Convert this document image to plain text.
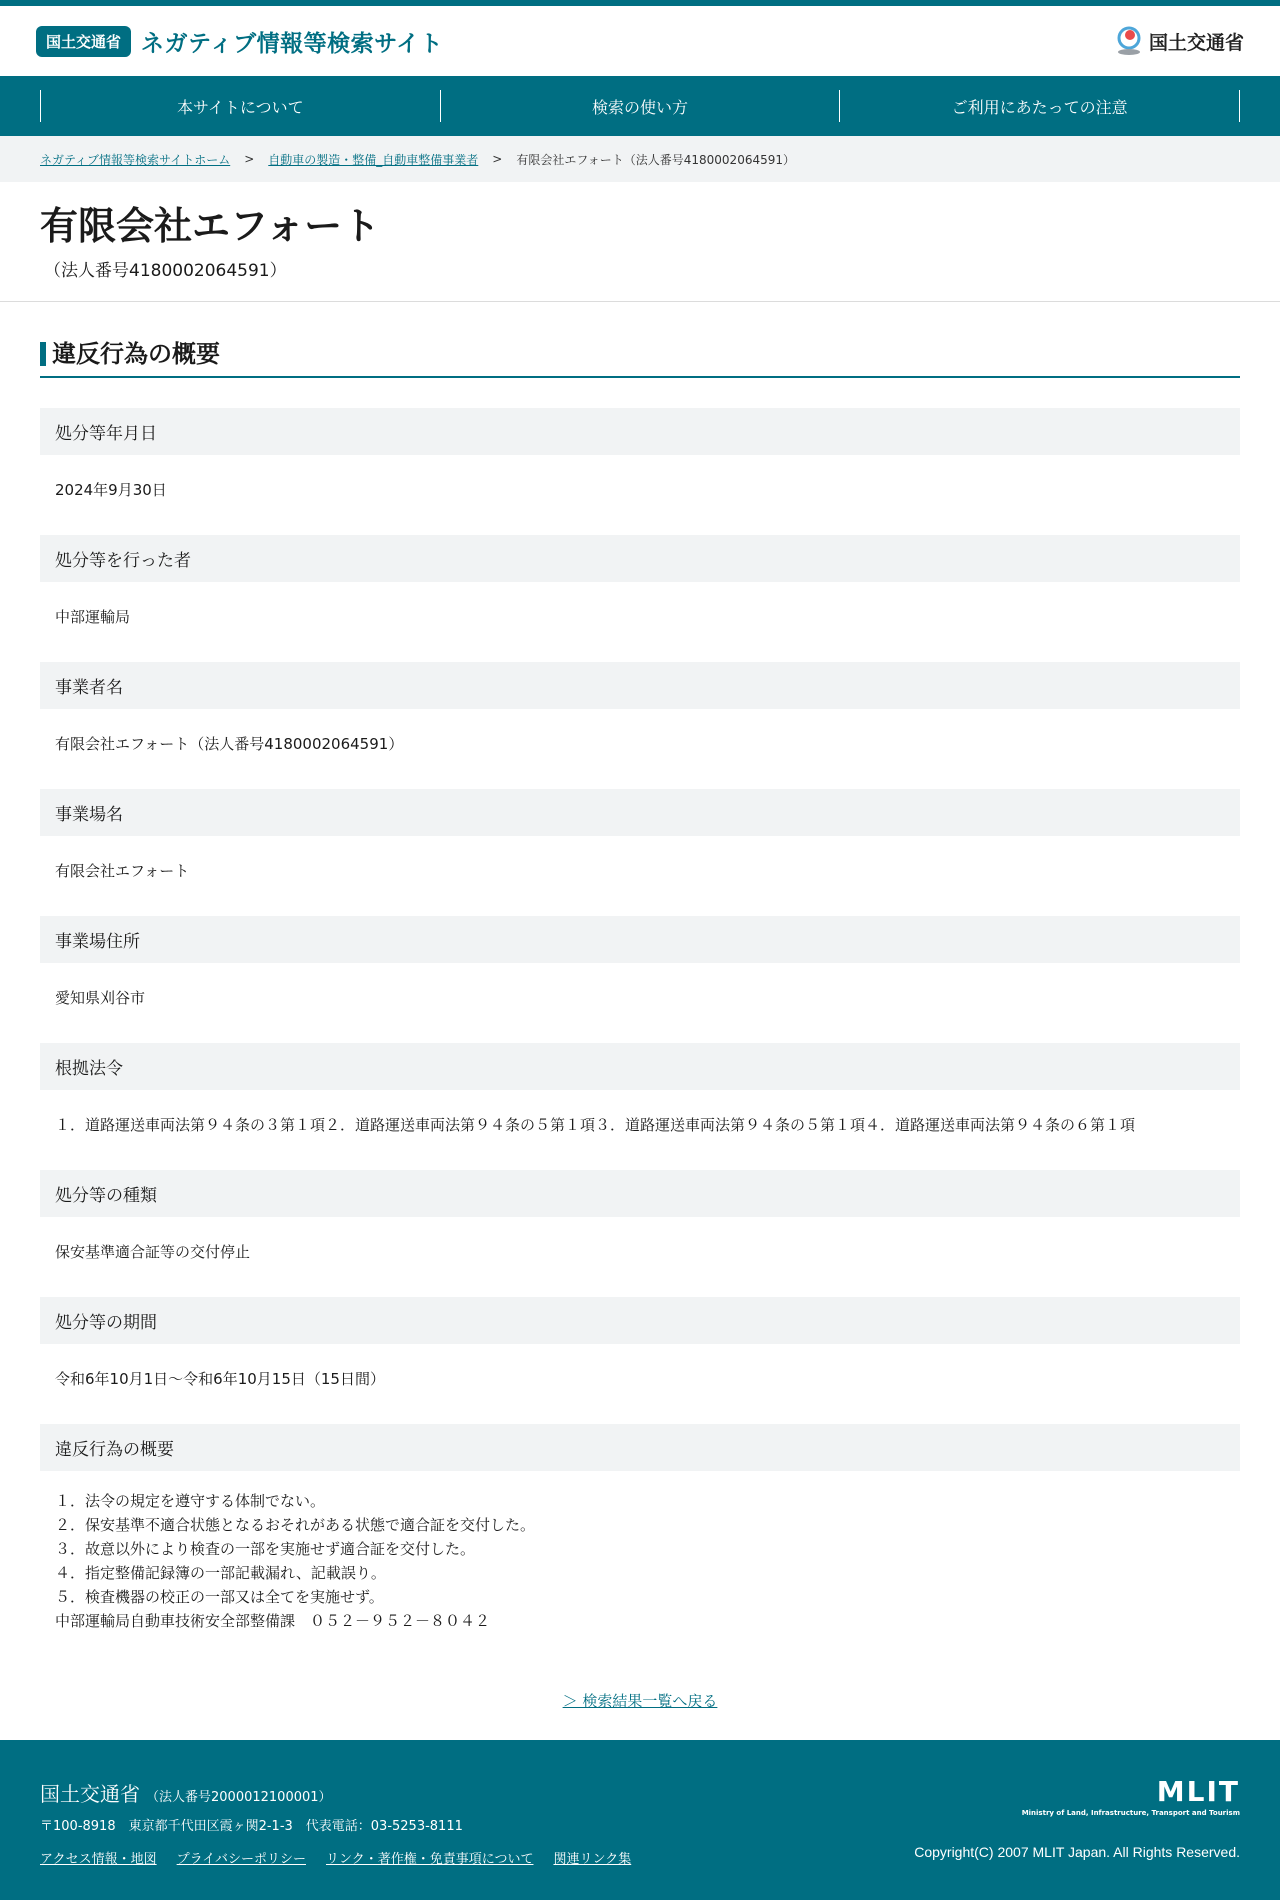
国土交通省 ネガティブ情報等検索サイト	国土交通省
本サイトについて	検索の使い方	ご利用にあたっての注意
ネガティブ情報等検索サイトホーム > 自動車の製造・整備_自動車整備事業者 > 有限会社エフォート（法人番号4180002064591）
有限会社エフォート
（法人番号4180002064591）
違反行為の概要
処分等年月日
2024年9月30日
処分等を行った者
中部運輸局
事業者名
有限会社エフォート（法人番号4180002064591）
事業場名
有限会社エフォート
事業場住所
愛知県刈谷市
根拠法令
１．道路運送車両法第９４条の３第１項２．道路運送車両法第９４条の５第１項３．道路運送車両法第９４条の５第１項４．道路運送車両法第９４条の６第１項
処分等の種類
保安基準適合証等の交付停止
処分等の期間
令和6年10月1日～令和6年10月15日（15日間）
違反行為の概要
１．法令の規定を遵守する体制でない。
２．保安基準不適合状態となるおそれがある状態で適合証を交付した。
３．故意以外により検査の一部を実施せず適合証を交付した。
４．指定整備記録簿の一部記載漏れ、記載誤り。
５．検査機器の校正の一部又は全てを実施せず。
中部運輸局自動車技術安全部整備課　０５２－９５２－８０４２
＞ 検索結果一覧へ戻る
国土交通省 （法人番号2000012100001）
〒100-8918　東京都千代田区霞ヶ関2-1-3　代表電話：03-5253-8111
アクセス情報・地図 プライバシーポリシー リンク・著作権・免責事項について 関連リンク集
MLIT
Ministry of Land, Infrastructure, Transport and Tourism
Copyright(C) 2007 MLIT Japan. All Rights Reserved.
